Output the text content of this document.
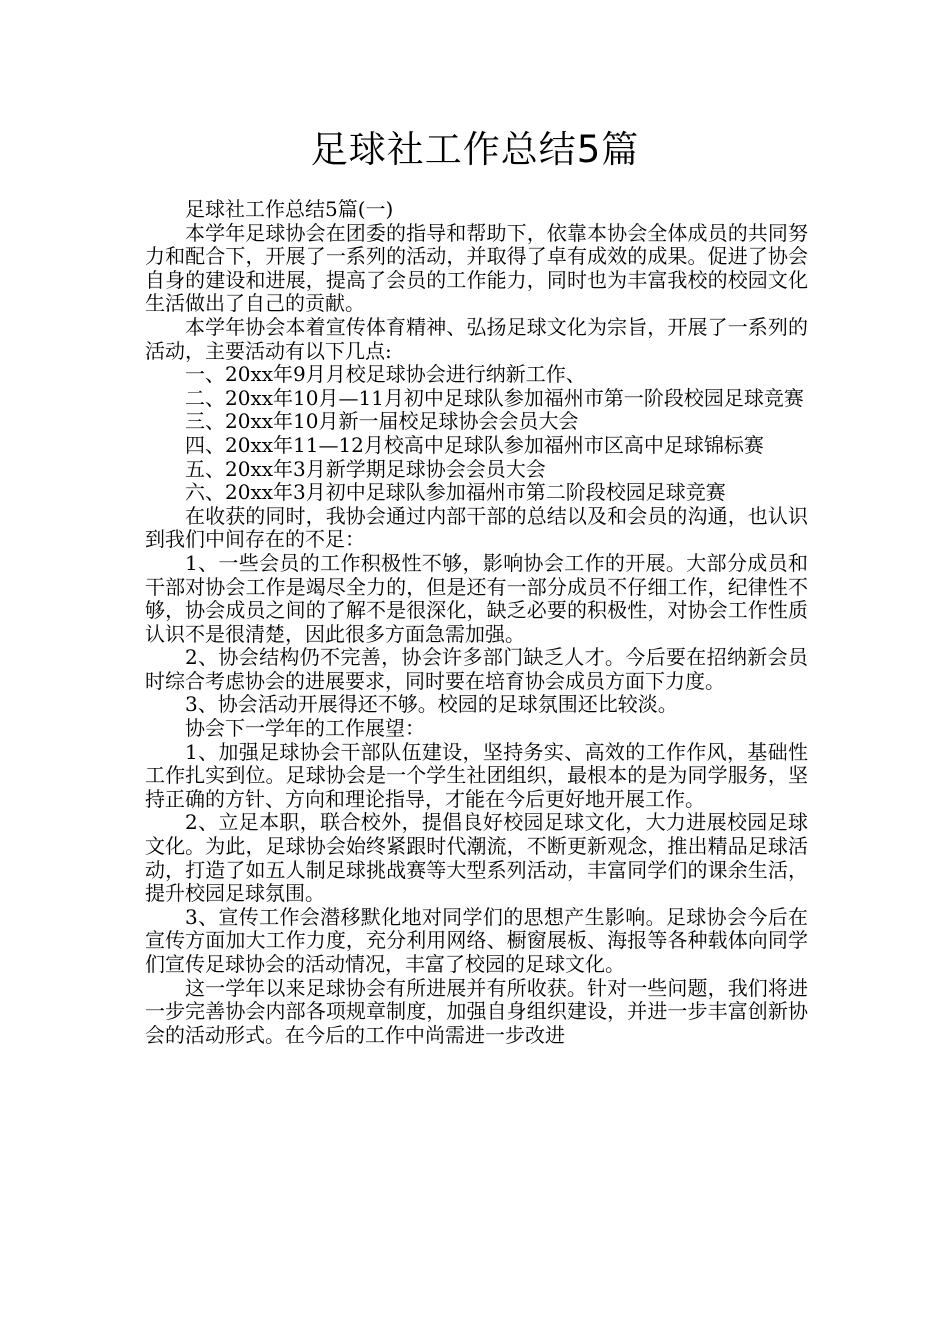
足球社工作总结5篇

足球社工作总结5篇(一)

本学年足球协会在团委的指导和帮助下，依靠本协会全体成员的共同努力和配合下，开展了一系列的活动，并取得了卓有成效的成果。促进了协会自身的建设和进展，提高了会员的工作能力，同时也为丰富我校的校园文化生活做出了自己的贡献。

本学年协会本着宣传体育精神、弘扬足球文化为宗旨，开展了一系列的活动，主要活动有以下几点:

一、20xx年9月月校足球协会进行纳新工作、

二、20xx年10月—11月初中足球队参加福州市第一阶段校园足球竞赛

三、20xx年10月新一届校足球协会会员大会

四、20xx年11—12月校高中足球队参加福州市区高中足球锦标赛

五、20xx年3月新学期足球协会会员大会

六、20xx年3月初中足球队参加福州市第二阶段校园足球竞赛

在收获的同时，我协会通过内部干部的总结以及和会员的沟通，也认识到我们中间存在的不足：

1、一些会员的工作积极性不够，影响协会工作的开展。大部分成员和干部对协会工作是竭尽全力的，但是还有一部分成员不仔细工作，纪律性不够，协会成员之间的了解不是很深化，缺乏必要的积极性，对协会工作性质认识不是很清楚，因此很多方面急需加强。

2、协会结构仍不完善，协会许多部门缺乏人才。今后要在招纳新会员时综合考虑协会的进展要求，同时要在培育协会成员方面下力度。

3、协会活动开展得还不够。校园的足球氛围还比较淡。

协会下一学年的工作展望：

1、加强足球协会干部队伍建设，坚持务实、高效的工作作风，基础性工作扎实到位。足球协会是一个学生社团组织，最根本的是为同学服务，坚持正确的方针、方向和理论指导，才能在今后更好地开展工作。

2、立足本职，联合校外，提倡良好校园足球文化，大力进展校园足球文化。为此，足球协会始终紧跟时代潮流，不断更新观念，推出精品足球活动，打造了如五人制足球挑战赛等大型系列活动，丰富同学们的课余生活，提升校园足球氛围。

3、宣传工作会潜移默化地对同学们的思想产生影响。足球协会今后在宣传方面加大工作力度，充分利用网络、橱窗展板、海报等各种载体向同学们宣传足球协会的活动情况，丰富了校园的足球文化。

这一学年以来足球协会有所进展并有所收获。针对一些问题，我们将进一步完善协会内部各项规章制度，加强自身组织建设，并进一步丰富创新协会的活动形式。在今后的工作中尚需进一步改进
